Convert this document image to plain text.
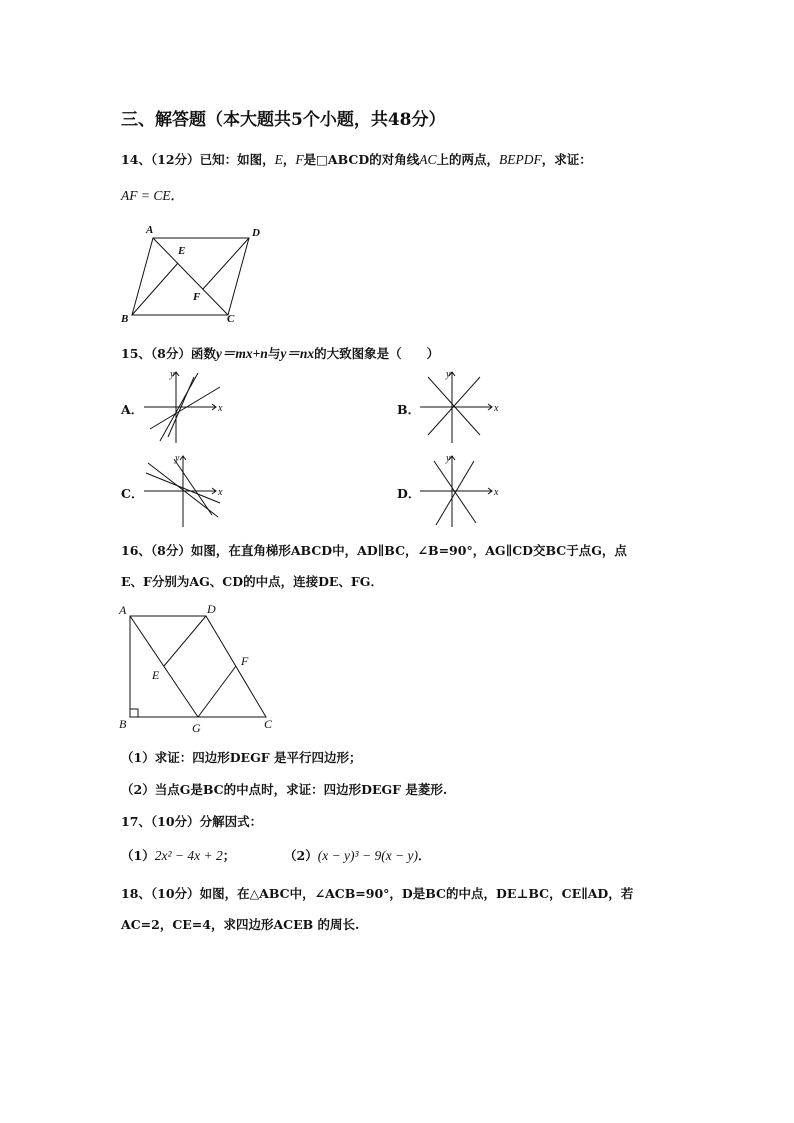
三、解答题（本大题共5个小题，共48分）
14、（12分）已知：如图，E，F是□ABCD的对角线AC上的两点，BEPDF，求证：
AF = CE．
A	D
B	C
E
F
15、（8分）函数y＝mx+n与y＝nx的大致图象是（　　）
A．	x
y
B．	x
y
C．	x
y
D．	x
y
16、（8分）如图，在直角梯形ABCD中，AD∥BC，∠B=90°，AG∥CD交BC于点G，点
E、F分别为AG、CD的中点，连接DE、FG．
A	D
B	G	C
E
F
（1）求证：四边形DEGF 是平行四边形；
（2）当点G是BC的中点时，求证：四边形DEGF 是菱形.
17、（10分）分解因式：
（1）2x² − 4x + 2；	（2）(x − y)³ − 9(x − y)．
18、（10分）如图，在△ABC中，∠ACB=90°，D是BC的中点，DE⊥BC，CE∥AD，若
AC=2，CE=4，求四边形ACEB 的周长.
